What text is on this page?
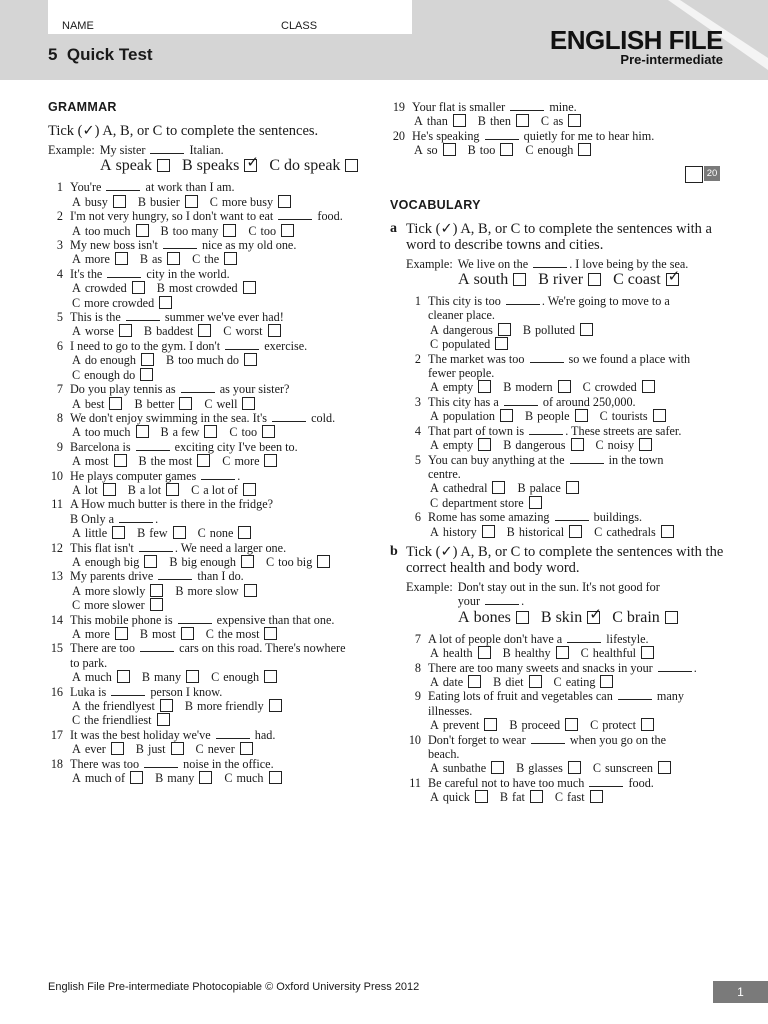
NAME	CLASS
5  Quick Test	ENGLISH FILE
Pre-intermediate
GRAMMAR
Tick (✓) A, B, or C to complete the sentences.
Example: My sister	Italian.
A speak B speaks ✓ C do speak
1 You're	at work than I am.
A busy B busier C more busy
2 I'm not very hungry, so I don't want to eat	food.
A too much B too many C too
3 My new boss isn't	nice as my old one.
A more B as C the
4 It's the	city in the world.
A crowded B most crowded
C more crowded
5 This is the	summer we've ever had!
A worse B baddest C worst
6 I need to go to the gym. I don't	exercise.
A do enough B too much do
C enough do
7 Do you play tennis as	as your sister?
A best B better C well
8 We don't enjoy swimming in the sea. It's	cold.
A too much B a few C too
9 Barcelona is	exciting city I've been to.
A most B the most C more
10 He plays computer games	.
A lot B a lot C a lot of
11 A How much butter is there in the fridge?
B Only a	.
A little B few C none
12 This flat isn't	. We need a larger one.
A enough big B big enough C too big
13 My parents drive	than I do.
A more slowly B more slow
C more slower
14 This mobile phone is	expensive than that one.
A more B most C the most
15 There are too	cars on this road. There's nowhere
to park.
A much B many C enough
16 Luka is	person I know.
A the friendlyest B more friendly
C the friendliest
17 It was the best holiday we've	had.
A ever B just C never
18 There was too	noise in the office.
A much of B many C much
19 Your flat is smaller	mine.
A than B then C as
20 He's speaking	quietly for me to hear him.
A so B too C enough
20
VOCABULARY
a Tick (✓) A, B, or C to complete the sentences with a word to describe towns and cities.
Example: We live on the	. I love being by the sea.
A south B river C coast ✓
1 This city is too	. We're going to move to a
cleaner place.
A dangerous B polluted
C populated
2 The market was too	so we found a place with
fewer people.
A empty B modern C crowded
3 This city has a	of around 250,000.
A population B people C tourists
4 That part of town is	. These streets are safer.
A empty B dangerous C noisy
5 You can buy anything at the	in the town
centre.
A cathedral B palace
C department store
6 Rome has some amazing	buildings.
A history B historical C cathedrals
b Tick (✓) A, B, or C to complete the sentences with the correct health and body word.
Example: Don't stay out in the sun. It's not good for
your	.
A bones B skin ✓ C brain
7 A lot of people don't have a	lifestyle.
A health B healthy C healthful
8 There are too many sweets and snacks in your	.
A date B diet C eating
9 Eating lots of fruit and vegetables can	many
illnesses.
A prevent B proceed C protect
10 Don't forget to wear	when you go on the
beach.
A sunbathe B glasses C sunscreen
11 Be careful not to have too much	food.
A quick B fat C fast
English File Pre-intermediate Photocopiable © Oxford University Press 2012	1
